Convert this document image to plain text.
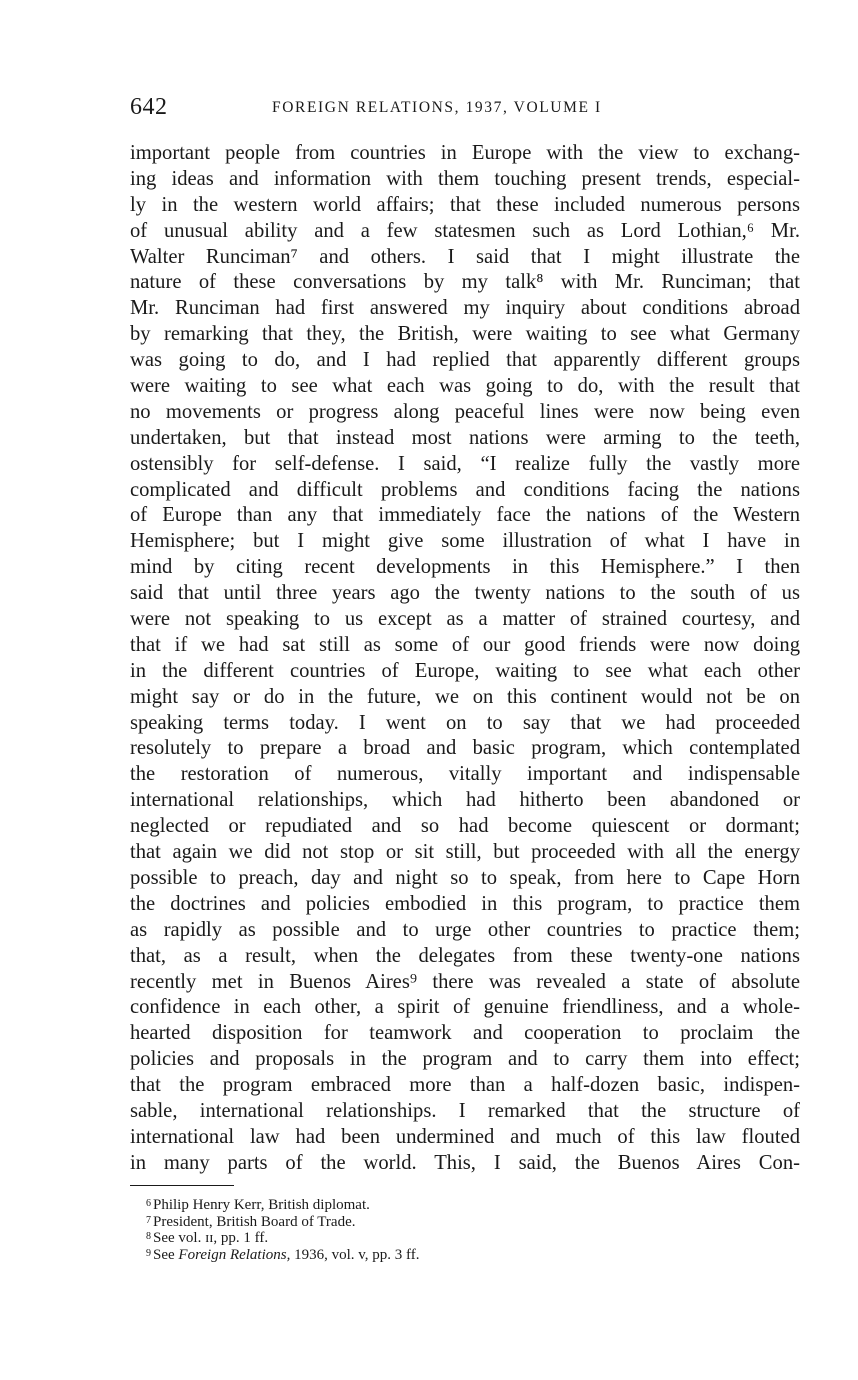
642	FOREIGN RELATIONS, 1937, VOLUME I
important people from countries in Europe with the view to exchang-
ing ideas and information with them touching present trends, especial-
ly in the western world affairs; that these included numerous persons
of unusual ability and a few statesmen such as Lord Lothian,⁶ Mr.
Walter Runciman⁷ and others. I said that I might illustrate the
nature of these conversations by my talk⁸ with Mr. Runciman; that
Mr. Runciman had first answered my inquiry about conditions abroad
by remarking that they, the British, were waiting to see what Germany
was going to do, and I had replied that apparently different groups
were waiting to see what each was going to do, with the result that
no movements or progress along peaceful lines were now being even
undertaken, but that instead most nations were arming to the teeth,
ostensibly for self-defense. I said, “I realize fully the vastly more
complicated and difficult problems and conditions facing the nations
of Europe than any that immediately face the nations of the Western
Hemisphere; but I might give some illustration of what I have in
mind by citing recent developments in this Hemisphere.” I then
said that until three years ago the twenty nations to the south of us
were not speaking to us except as a matter of strained courtesy, and
that if we had sat still as some of our good friends were now doing
in the different countries of Europe, waiting to see what each other
might say or do in the future, we on this continent would not be on
speaking terms today. I went on to say that we had proceeded
resolutely to prepare a broad and basic program, which contemplated
the restoration of numerous, vitally important and indispensable
international relationships, which had hitherto been abandoned or
neglected or repudiated and so had become quiescent or dormant;
that again we did not stop or sit still, but proceeded with all the energy
possible to preach, day and night so to speak, from here to Cape Horn
the doctrines and policies embodied in this program, to practice them
as rapidly as possible and to urge other countries to practice them;
that, as a result, when the delegates from these twenty-one nations
recently met in Buenos Aires⁹ there was revealed a state of absolute
confidence in each other, a spirit of genuine friendliness, and a whole-
hearted disposition for teamwork and cooperation to proclaim the
policies and proposals in the program and to carry them into effect;
that the program embraced more than a half-dozen basic, indispen-
sable, international relationships. I remarked that the structure of
international law had been undermined and much of this law flouted
in many parts of the world. This, I said, the Buenos Aires Con-
$^6$ Philip Henry Kerr, British diplomat.
$^7$ President, British Board of Trade.
$^8$ See vol. ɪɪ, pp. 1 ff.
$^9$ See Foreign Relations, 1936, vol. v, pp. 3 ff.
